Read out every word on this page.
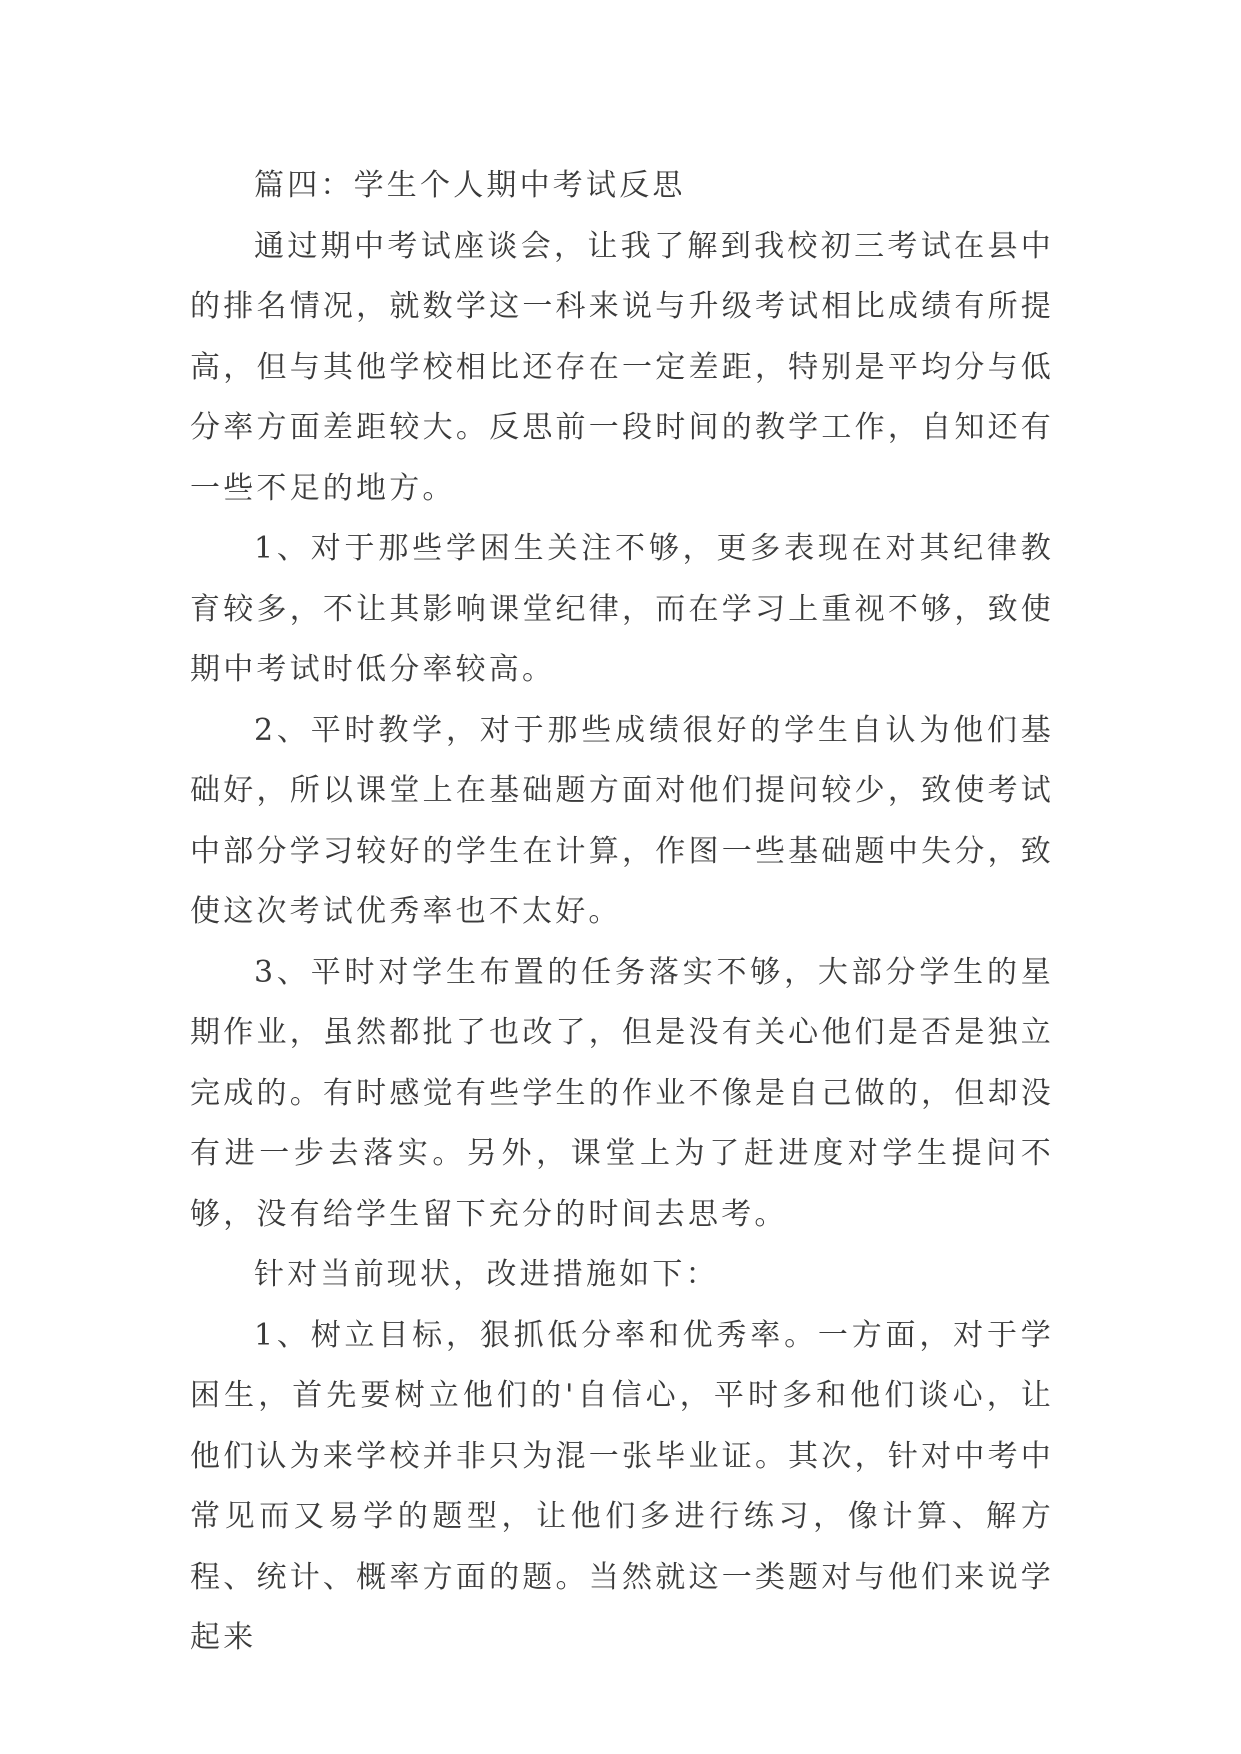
篇四：学生个人期中考试反思

通过期中考试座谈会，让我了解到我校初三考试在县中的排名情况，就数学这一科来说与升级考试相比成绩有所提高，但与其他学校相比还存在一定差距，特别是平均分与低分率方面差距较大。反思前一段时间的教学工作，自知还有一些不足的地方。

1、对于那些学困生关注不够，更多表现在对其纪律教育较多，不让其影响课堂纪律，而在学习上重视不够，致使期中考试时低分率较高。

2、平时教学，对于那些成绩很好的学生自认为他们基础好，所以课堂上在基础题方面对他们提问较少，致使考试中部分学习较好的学生在计算，作图一些基础题中失分，致使这次考试优秀率也不太好。

3、平时对学生布置的任务落实不够，大部分学生的星期作业，虽然都批了也改了，但是没有关心他们是否是独立完成的。有时感觉有些学生的作业不像是自己做的，但却没有进一步去落实。另外，课堂上为了赶进度对学生提问不够，没有给学生留下充分的时间去思考。

针对当前现状，改进措施如下：

1、树立目标，狠抓低分率和优秀率。一方面，对于学困生，首先要树立他们的'自信心，平时多和他们谈心，让他们认为来学校并非只为混一张毕业证。其次，针对中考中常见而又易学的题型，让他们多进行练习，像计算、解方程、统计、概率方面的题。当然就这一类题对与他们来说学起来
